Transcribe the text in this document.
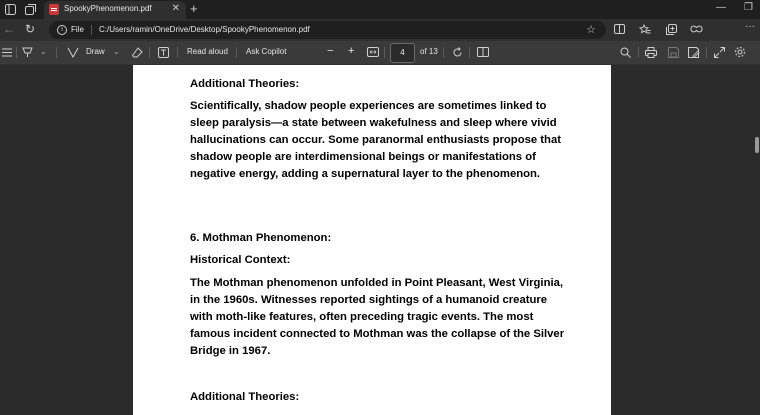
SpookyPhenomenon.pdf ✕ +	— ❐
← ↻	i	File C:/Users/ramin/OneDrive/Desktop/SpookyPhenomenon.pdf	☆	···
⌄	Draw ⌄	Read aloud Ask Copilot	− +	4	of 13
Additional Theories:
Scientifically, shadow people experiences are sometimes linked to sleep paralysis—a state between wakefulness and sleep where vivid hallucinations can occur. Some paranormal enthusiasts propose that shadow people are interdimensional beings or manifestations of negative energy, adding a supernatural layer to the phenomenon.
6. Mothman Phenomenon:
Historical Context:
The Mothman phenomenon unfolded in Point Pleasant, West Virginia, in the 1960s. Witnesses reported sightings of a humanoid creature with moth-like features, often preceding tragic events. The most famous incident connected to Mothman was the collapse of the Silver Bridge in 1967.
Additional Theories:
